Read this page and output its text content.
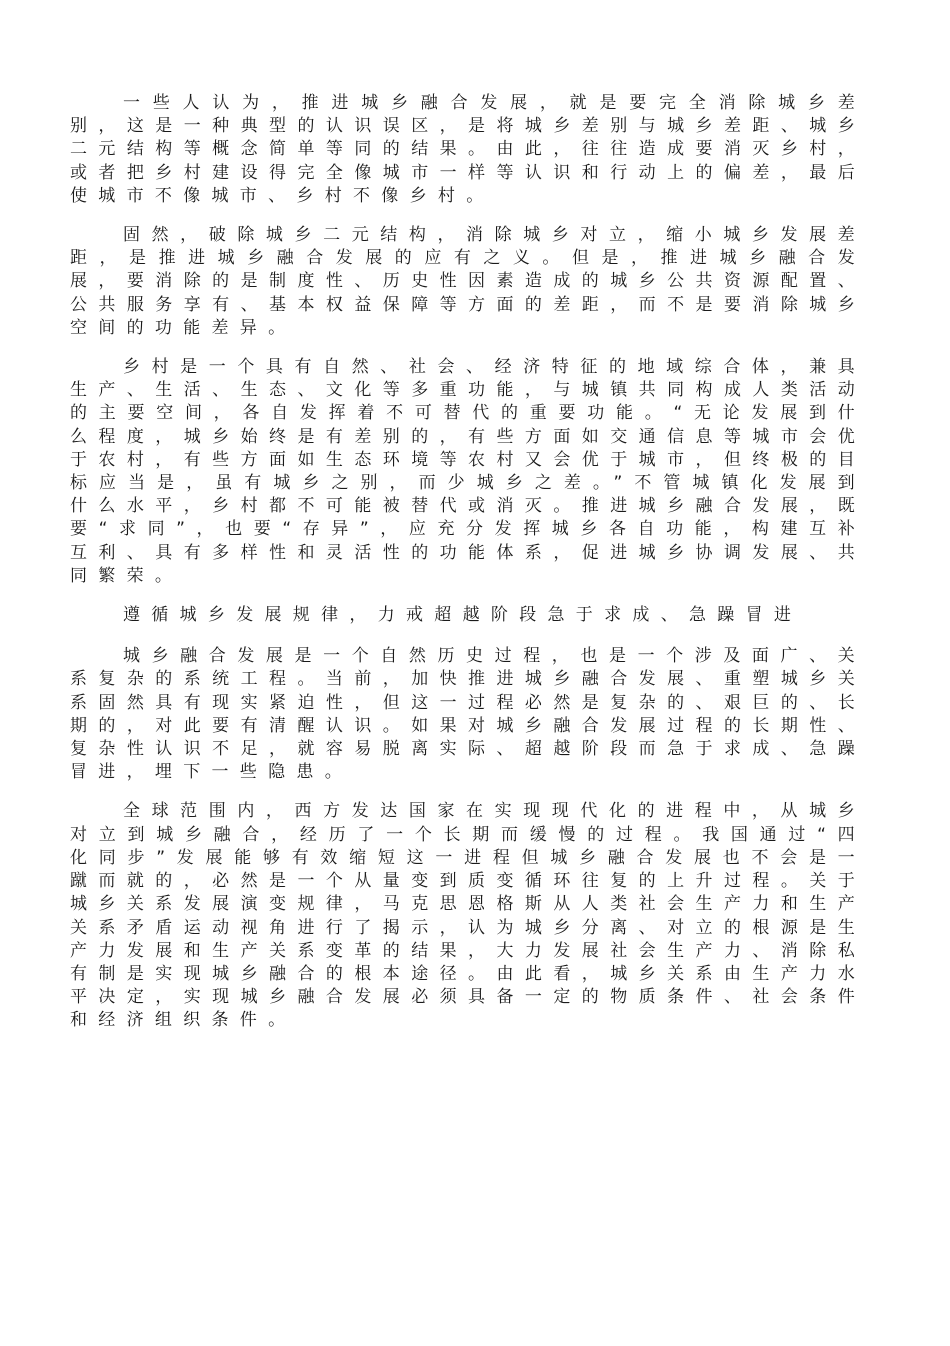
一些人认为，推进城乡融合发展，就是要完全消除城乡差别，这是一种典型的认识误区，是将城乡差别与城乡差距、城乡二元结构等概念简单等同的结果。由此，往往造成要消灭乡村，或者把乡村建设得完全像城市一样等认识和行动上的偏差，最后使城市不像城市、乡村不像乡村。

固然，破除城乡二元结构，消除城乡对立，缩小城乡发展差距，是推进城乡融合发展的应有之义。但是，推进城乡融合发展，要消除的是制度性、历史性因素造成的城乡公共资源配置、公共服务享有、基本权益保障等方面的差距，而不是要消除城乡空间的功能差异。

乡村是一个具有自然、社会、经济特征的地域综合体，兼具生产、生活、生态、文化等多重功能，与城镇共同构成人类活动的主要空间，各自发挥着不可替代的重要功能。“无论发展到什么程度，城乡始终是有差别的，有些方面如交通信息等城市会优于农村，有些方面如生态环境等农村又会优于城市，但终极的目标应当是，虽有城乡之别，而少城乡之差。”不管城镇化发展到什么水平，乡村都不可能被替代或消灭。推进城乡融合发展，既要“求同”，也要“存异”，应充分发挥城乡各自功能，构建互补互利、具有多样性和灵活性的功能体系，促进城乡协调发展、共同繁荣。

遵循城乡发展规律，力戒超越阶段急于求成、急躁冒进

城乡融合发展是一个自然历史过程，也是一个涉及面广、关系复杂的系统工程。当前，加快推进城乡融合发展、重塑城乡关系固然具有现实紧迫性，但这一过程必然是复杂的、艰巨的、长期的，对此要有清醒认识。如果对城乡融合发展过程的长期性、复杂性认识不足，就容易脱离实际、超越阶段而急于求成、急躁冒进，埋下一些隐患。

全球范围内，西方发达国家在实现现代化的进程中，从城乡对立到城乡融合，经历了一个长期而缓慢的过程。我国通过“四化同步”发展能够有效缩短这一进程但城乡融合发展也不会是一蹴而就的，必然是一个从量变到质变循环往复的上升过程。关于城乡关系发展演变规律，马克思恩格斯从人类社会生产力和生产关系矛盾运动视角进行了揭示，认为城乡分离、对立的根源是生产力发展和生产关系变革的结果，大力发展社会生产力、消除私有制是实现城乡融合的根本途径。由此看，城乡关系由生产力水平决定，实现城乡融合发展必须具备一定的物质条件、社会条件和经济组织条件。
